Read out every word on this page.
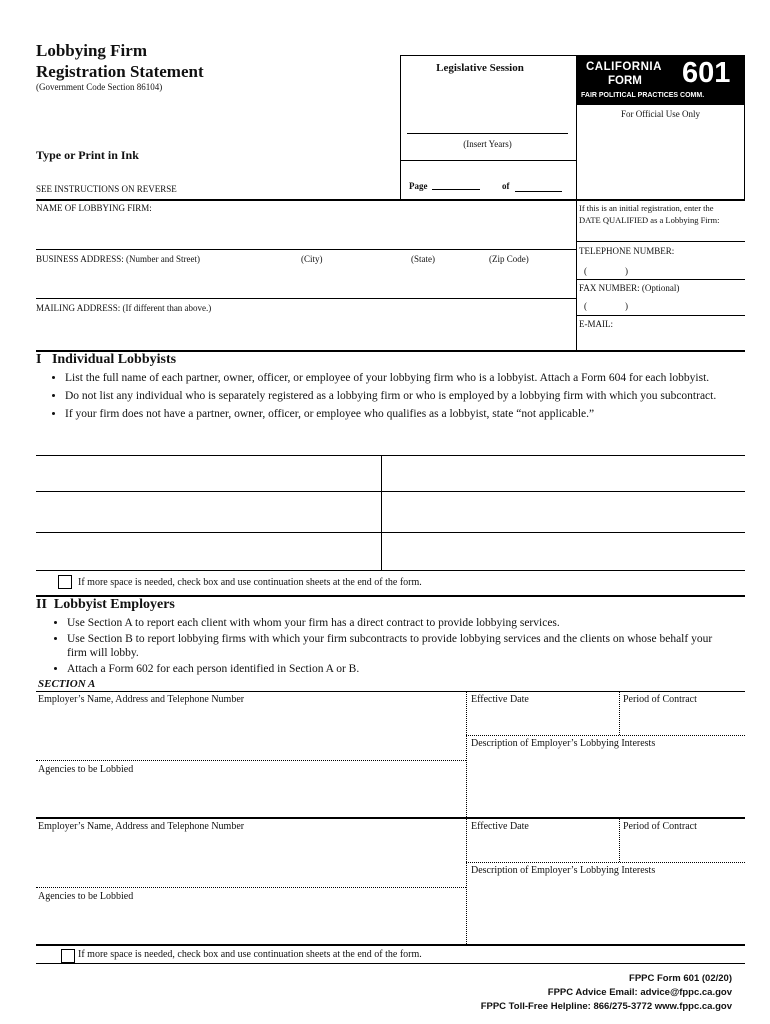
Lobbying Firm
Registration Statement
(Government Code Section 86104)
Type or Print in Ink
SEE INSTRUCTIONS ON REVERSE
Legislative Session
(Insert Years)
Page	of
CALIFORNIA
FORM 601
FAIR POLITICAL PRACTICES COMM.
For Official Use Only
NAME OF LOBBYING FIRM:	If this is an initial registration, enter the
DATE QUALIFIED as a Lobbying Firm:
BUSINESS ADDRESS: (Number and Street)	(City)	(State)	(Zip Code)
TELEPHONE NUMBER:
(	)
FAX NUMBER: (Optional)
(	)
MAILING ADDRESS: (If different than above.)
E-MAIL:
I   Individual Lobbyists
• List the full name of each partner, owner, officer, or employee of your lobbying firm who is a lobbyist. Attach a Form 604 for each lobbyist.
• Do not list any individual who is separately registered as a lobbying firm or who is employed by a lobbying firm with which you subcontract.
• If your firm does not have a partner, owner, officer, or employee who qualifies as a lobbyist, state “not applicable.”
If more space is needed, check box and use continuation sheets at the end of the form.
II  Lobbyist Employers
• Use Section A to report each client with whom your firm has a direct contract to provide lobbying services.
• Use Section B to report lobbying firms with which your firm subcontracts to provide lobbying services and the clients on whose behalf your firm will lobby.
• Attach a Form 602 for each person identified in Section A or B.
SECTION A
Employer’s Name, Address and Telephone Number	Effective Date	Period of Contract
Description of Employer’s Lobbying Interests
Agencies to be Lobbied
Employer’s Name, Address and Telephone Number	Effective Date	Period of Contract
Description of Employer’s Lobbying Interests
Agencies to be Lobbied
If more space is needed, check box and use continuation sheets at the end of the form.
FPPC Form 601 (02/20)
FPPC Advice Email: advice@fppc.ca.gov
FPPC Toll-Free Helpline: 866/275-3772 www.fppc.ca.gov
